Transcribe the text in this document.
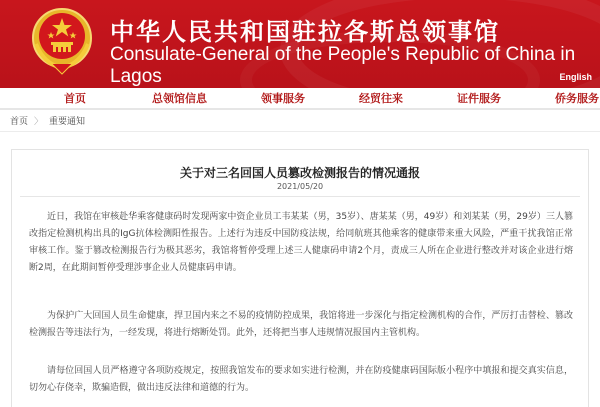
中华人民共和国驻拉各斯总领事馆
Consulate-General of the People's Republic of China in Lagos	English
首页	总领馆信息	领事服务	经贸往来	证件服务	侨务服务
首页 〉 重要通知
关于对三名回国人员篡改检测报告的情况通报
2021/05/20

近日，我馆在审核赴华乘客健康码时发现两家中资企业员工韦某某（男，35岁）、唐某某（男，49岁）和刘某某（男，29岁）三人篡改指定检测机构出具的IgG抗体检测阳性报告。上述行为违反中国防疫法规，给同航班其他乘客的健康带来重大风险，严重干扰我馆正常审核工作。鉴于篡改检测报告行为极其恶劣，我馆将暂停受理上述三人健康码申请2个月，责成三人所在企业进行整改并对该企业进行熔断2周，在此期间暂停受理涉事企业人员健康码申请。

为保护广大回国人员生命健康，捍卫国内来之不易的疫情防控成果，我馆将进一步深化与指定检测机构的合作，严厉打击替检、篡改检测报告等违法行为，一经发现，将进行熔断处罚。此外，还将把当事人违规情况报国内主管机构。

请每位回国人员严格遵守各项防疫规定，按照我馆发布的要求如实进行检测，并在防疫健康码国际版小程序中填报和提交真实信息，切勿心存侥幸，欺骗造假，做出违反法律和道德的行为。
